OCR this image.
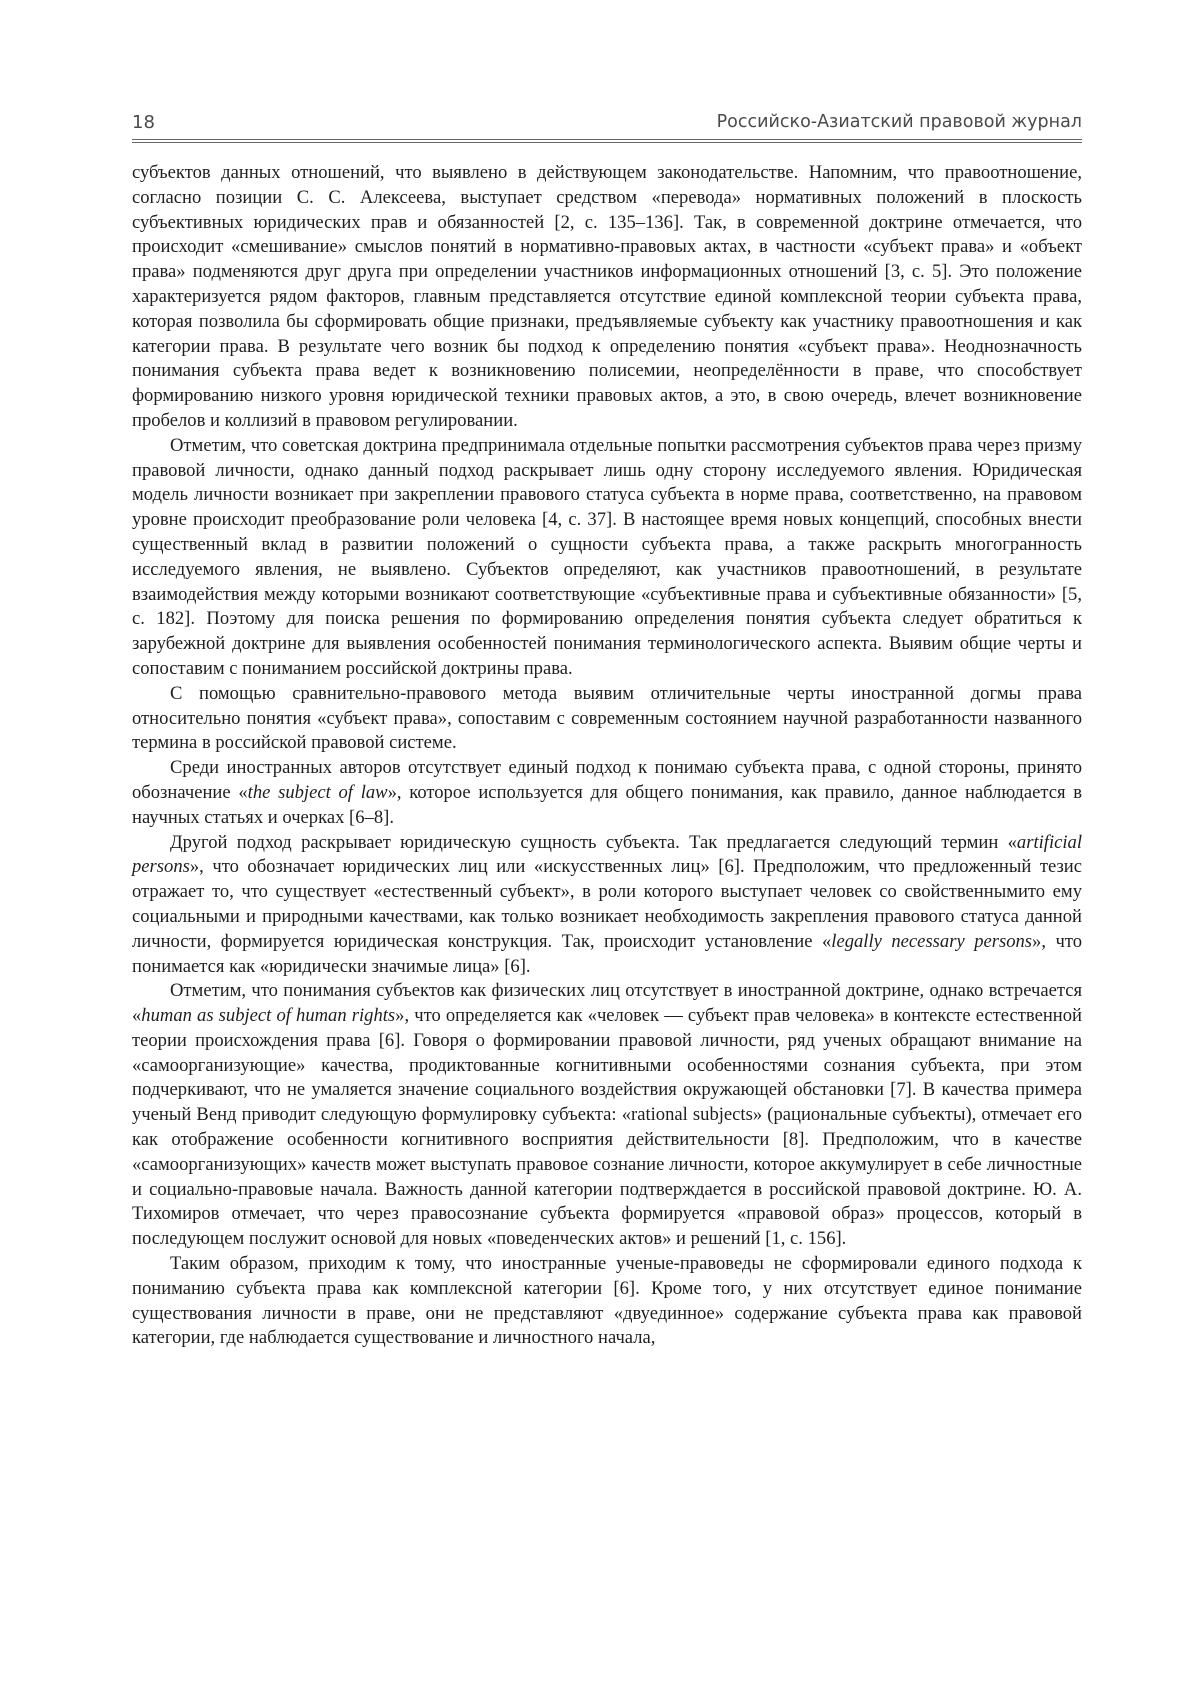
18	Российско-Азиатский правовой журнал

субъектов данных отношений, что выявлено в действующем законодательстве. Напомним, что правоотношение, согласно позиции С. С. Алексеева, выступает средством «перевода» нормативных положений в плоскость субъективных юридических прав и обязанностей [2, с. 135–136]. Так, в современной доктрине отмечается, что происходит «смешивание» смыслов понятий в нормативно-правовых актах, в частности «субъект права» и «объект права» подменяются друг друга при определении участников информационных отношений [3, с. 5]. Это положение характеризуется рядом факторов, главным представляется отсутствие единой комплексной теории субъекта права, которая позволила бы сформировать общие признаки, предъявляемые субъекту как участнику правоотношения и как категории права. В результате чего возник бы подход к определению понятия «субъект права». Неоднозначность понимания субъекта права ведет к возникновению полисемии, неопределённости в праве, что способствует формированию низкого уровня юридической техники правовых актов, а это, в свою очередь, влечет возникновение пробелов и коллизий в правовом регулировании.

Отметим, что советская доктрина предпринимала отдельные попытки рассмотрения субъектов права через призму правовой личности, однако данный подход раскрывает лишь одну сторону исследуемого явления. Юридическая модель личности возникает при закреплении правового статуса субъекта в норме права, соответственно, на правовом уровне происходит преобразование роли человека [4, с. 37]. В настоящее время новых концепций, способных внести существенный вклад в развитии положений о сущности субъекта права, а также раскрыть многогранность исследуемого явления, не выявлено. Субъектов определяют, как участников правоотношений, в результате взаимодействия между которыми возникают соответствующие «субъективные права и субъективные обязанности» [5, с. 182]. Поэтому для поиска решения по формированию определения понятия субъекта следует обратиться к зарубежной доктрине для выявления особенностей понимания терминологического аспекта. Выявим общие черты и сопоставим с пониманием российской доктрины права.

С помощью сравнительно-правового метода выявим отличительные черты иностранной догмы права относительно понятия «субъект права», сопоставим с современным состоянием научной разработанности названного термина в российской правовой системе.

Среди иностранных авторов отсутствует единый подход к понимаю субъекта права, с одной стороны, принято обозначение «the subject of law», которое используется для общего понимания, как правило, данное наблюдается в научных статьях и очерках [6–8].

Другой подход раскрывает юридическую сущность субъекта. Так предлагается следующий термин «artificial persons», что обозначает юридических лиц или «искусственных лиц» [6]. Предположим, что предложенный тезис отражает то, что существует «естественный субъект», в роли которого выступает человек со свойственнымито ему социальными и природными качествами, как только возникает необходимость закрепления правового статуса данной личности, формируется юридическая конструкция. Так, происходит установление «legally necessary persons», что понимается как «юридически значимые лица» [6].

Отметим, что понимания субъектов как физических лиц отсутствует в иностранной доктрине, однако встречается «human as subject of human rights», что определяется как «человек — субъект прав человека» в контексте естественной теории происхождения права [6]. Говоря о формировании правовой личности, ряд ученых обращают внимание на «самоорганизующие» качества, продиктованные когнитивными особенностями сознания субъекта, при этом подчеркивают, что не умаляется значение социального воздействия окружающей обстановки [7]. В качества примера ученый Венд приводит следующую формулировку субъекта: «rational subjects» (рациональные субъекты), отмечает его как отображение особенности когнитивного восприятия действительности [8]. Предположим, что в качестве «самоорганизующих» качеств может выступать правовое сознание личности, которое аккумулирует в себе личностные и социально-правовые начала. Важность данной категории подтверждается в российской правовой доктрине. Ю. А. Тихомиров отмечает, что через правосознание субъекта формируется «правовой образ» процессов, который в последующем послужит основой для новых «поведенческих актов» и решений [1, с. 156].

Таким образом, приходим к тому, что иностранные ученые-правоведы не сформировали единого подхода к пониманию субъекта права как комплексной категории [6]. Кроме того, у них отсутствует единое понимание существования личности в праве, они не представляют «двуединное» содержание субъекта права как правовой категории, где наблюдается существование и личностного начала,
